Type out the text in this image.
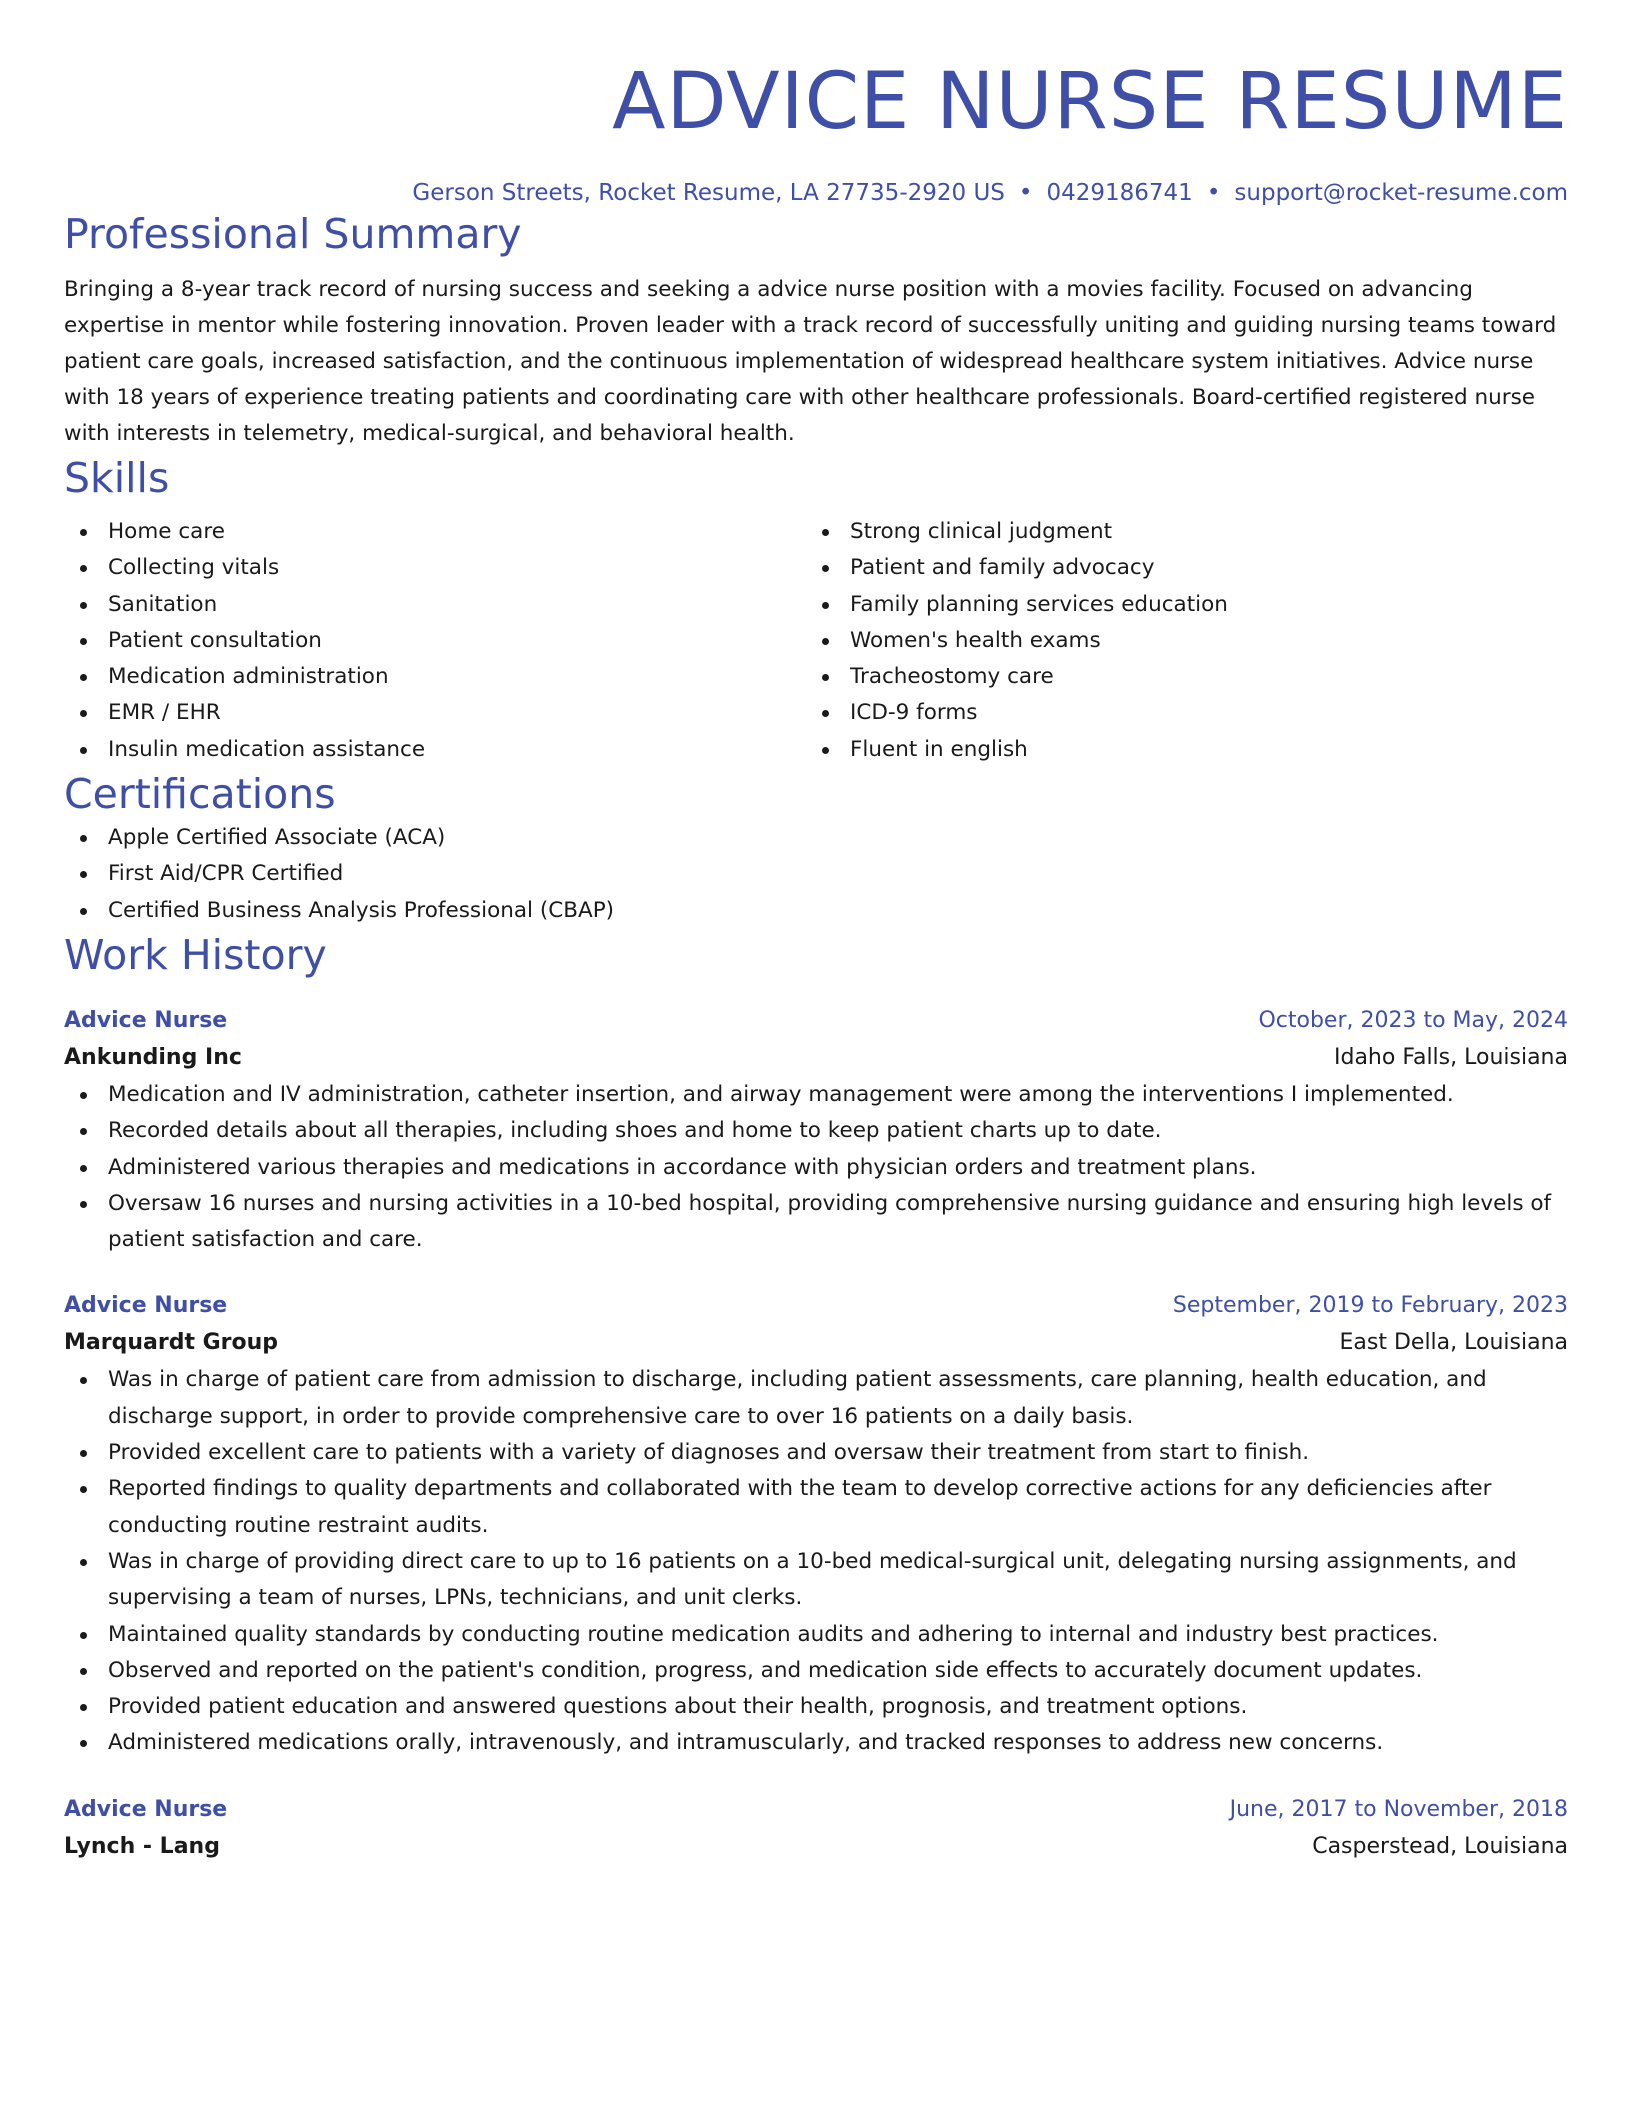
ADVICE NURSE RESUME
Gerson Streets, Rocket Resume, LA 27735-2920 US • 0429186741 • support@rocket-resume.com
Professional Summary

Bringing a 8-year track record of nursing success and seeking a advice nurse position with a movies facility. Focused on advancing expertise in mentor while fostering innovation. Proven leader with a track record of successfully uniting and guiding nursing teams toward patient care goals, increased satisfaction, and the continuous implementation of widespread healthcare system initiatives. Advice nurse with 18 years of experience treating patients and coordinating care with other healthcare professionals. Board-certified registered nurse with interests in telemetry, medical-surgical, and behavioral health.

Skills
Home care
Collecting vitals
Sanitation
Patient consultation
Medication administration
EMR / EHR
Insulin medication assistance
Strong clinical judgment
Patient and family advocacy
Family planning services education
Women's health exams
Tracheostomy care
ICD-9 forms
Fluent in english
Certifications
Apple Certified Associate (ACA)
First Aid/CPR Certified
Certified Business Analysis Professional (CBAP)
Work History
Advice Nurse	October, 2023 to May, 2024
Ankunding Inc	Idaho Falls, Louisiana
Medication and IV administration, catheter insertion, and airway management were among the interventions I implemented.
Recorded details about all therapies, including shoes and home to keep patient charts up to date.
Administered various therapies and medications in accordance with physician orders and treatment plans.
Oversaw 16 nurses and nursing activities in a 10-bed hospital, providing comprehensive nursing guidance and ensuring high levels of patient satisfaction and care.
Advice Nurse	September, 2019 to February, 2023
Marquardt Group	East Della, Louisiana
Was in charge of patient care from admission to discharge, including patient assessments, care planning, health education, and discharge support, in order to provide comprehensive care to over 16 patients on a daily basis.
Provided excellent care to patients with a variety of diagnoses and oversaw their treatment from start to finish.
Reported findings to quality departments and collaborated with the team to develop corrective actions for any deficiencies after conducting routine restraint audits.
Was in charge of providing direct care to up to 16 patients on a 10-bed medical-surgical unit, delegating nursing assignments, and supervising a team of nurses, LPNs, technicians, and unit clerks.
Maintained quality standards by conducting routine medication audits and adhering to internal and industry best practices.
Observed and reported on the patient's condition, progress, and medication side effects to accurately document updates.
Provided patient education and answered questions about their health, prognosis, and treatment options.
Administered medications orally, intravenously, and intramuscularly, and tracked responses to address new concerns.
Advice Nurse	June, 2017 to November, 2018
Lynch - Lang	Casperstead, Louisiana
